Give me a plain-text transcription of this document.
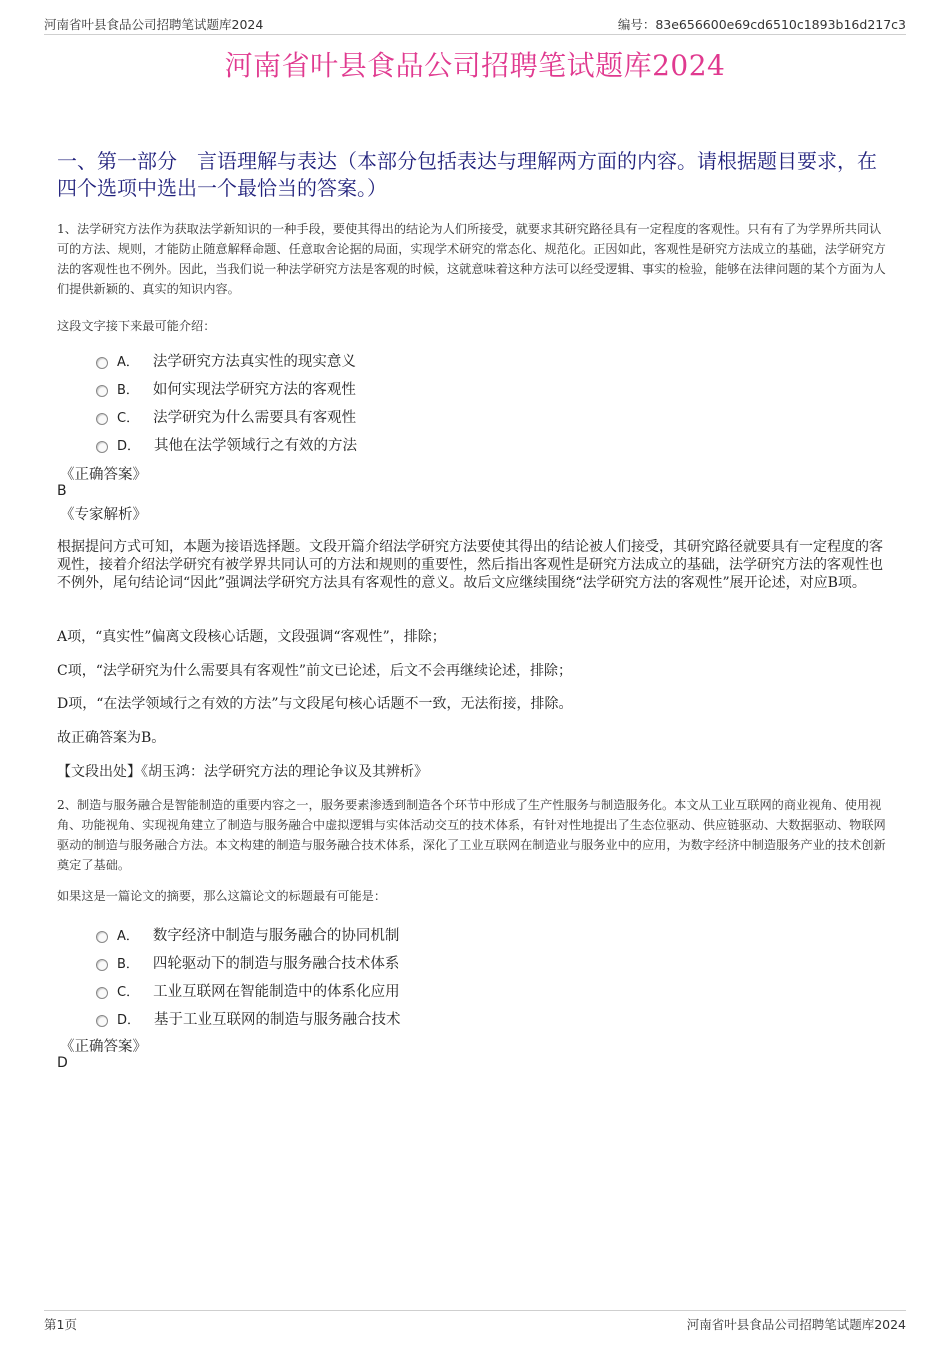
河南省叶县食品公司招聘笔试题库2024	编号：83e656600e69cd6510c1893b16d217c3
河南省叶县食品公司招聘笔试题库2024
一、第一部分　言语理解与表达（本部分包括表达与理解两方面的内容。请根据题目要求，在四个选项中选出一个最恰当的答案。）
1、法学研究方法作为获取法学新知识的一种手段，要使其得出的结论为人们所接受，就要求其研究路径具有一定程度的客观性。只有有了为学界所共同认可的方法、规则，才能防止随意解释命题、任意取舍论据的局面，实现学术研究的常态化、规范化。正因如此，客观性是研究方法成立的基础，法学研究方法的客观性也不例外。因此，当我们说一种法学研究方法是客观的时候，这就意味着这种方法可以经受逻辑、事实的检验，能够在法律问题的某个方面为人们提供新颖的、真实的知识内容。
这段文字接下来最可能介绍：
A． 法学研究方法真实性的现实意义
B． 如何实现法学研究方法的客观性
C． 法学研究为什么需要具有客观性
D． 其他在法学领域行之有效的方法
《正确答案》
B
《专家解析》
根据提问方式可知，本题为接语选择题。文段开篇介绍法学研究方法要使其得出的结论被人们接受，其研究路径就要具有一定程度的客观性，接着介绍法学研究有被学界共同认可的方法和规则的重要性，然后指出客观性是研究方法成立的基础，法学研究方法的客观性也不例外，尾句结论词“因此”强调法学研究方法具有客观性的意义。故后文应继续围绕“法学研究方法的客观性”展开论述，对应B项。
A项，“真实性”偏离文段核心话题，文段强调“客观性”，排除；
C项，“法学研究为什么需要具有客观性”前文已论述，后文不会再继续论述，排除；
D项，“在法学领域行之有效的方法”与文段尾句核心话题不一致，无法衔接，排除。
故正确答案为B。
【文段出处】《胡玉鸿：法学研究方法的理论争议及其辨析》
2、制造与服务融合是智能制造的重要内容之一，服务要素渗透到制造各个环节中形成了生产性服务与制造服务化。本文从工业互联网的商业视角、使用视角、功能视角、实现视角建立了制造与服务融合中虚拟逻辑与实体活动交互的技术体系，有针对性地提出了生态位驱动、供应链驱动、大数据驱动、物联网驱动的制造与服务融合方法。本文构建的制造与服务融合技术体系，深化了工业互联网在制造业与服务业中的应用，为数字经济中制造服务产业的技术创新奠定了基础。
如果这是一篇论文的摘要，那么这篇论文的标题最有可能是：
A． 数字经济中制造与服务融合的协同机制
B． 四轮驱动下的制造与服务融合技术体系
C． 工业互联网在智能制造中的体系化应用
D． 基于工业互联网的制造与服务融合技术
《正确答案》
D
第1页	河南省叶县食品公司招聘笔试题库2024
